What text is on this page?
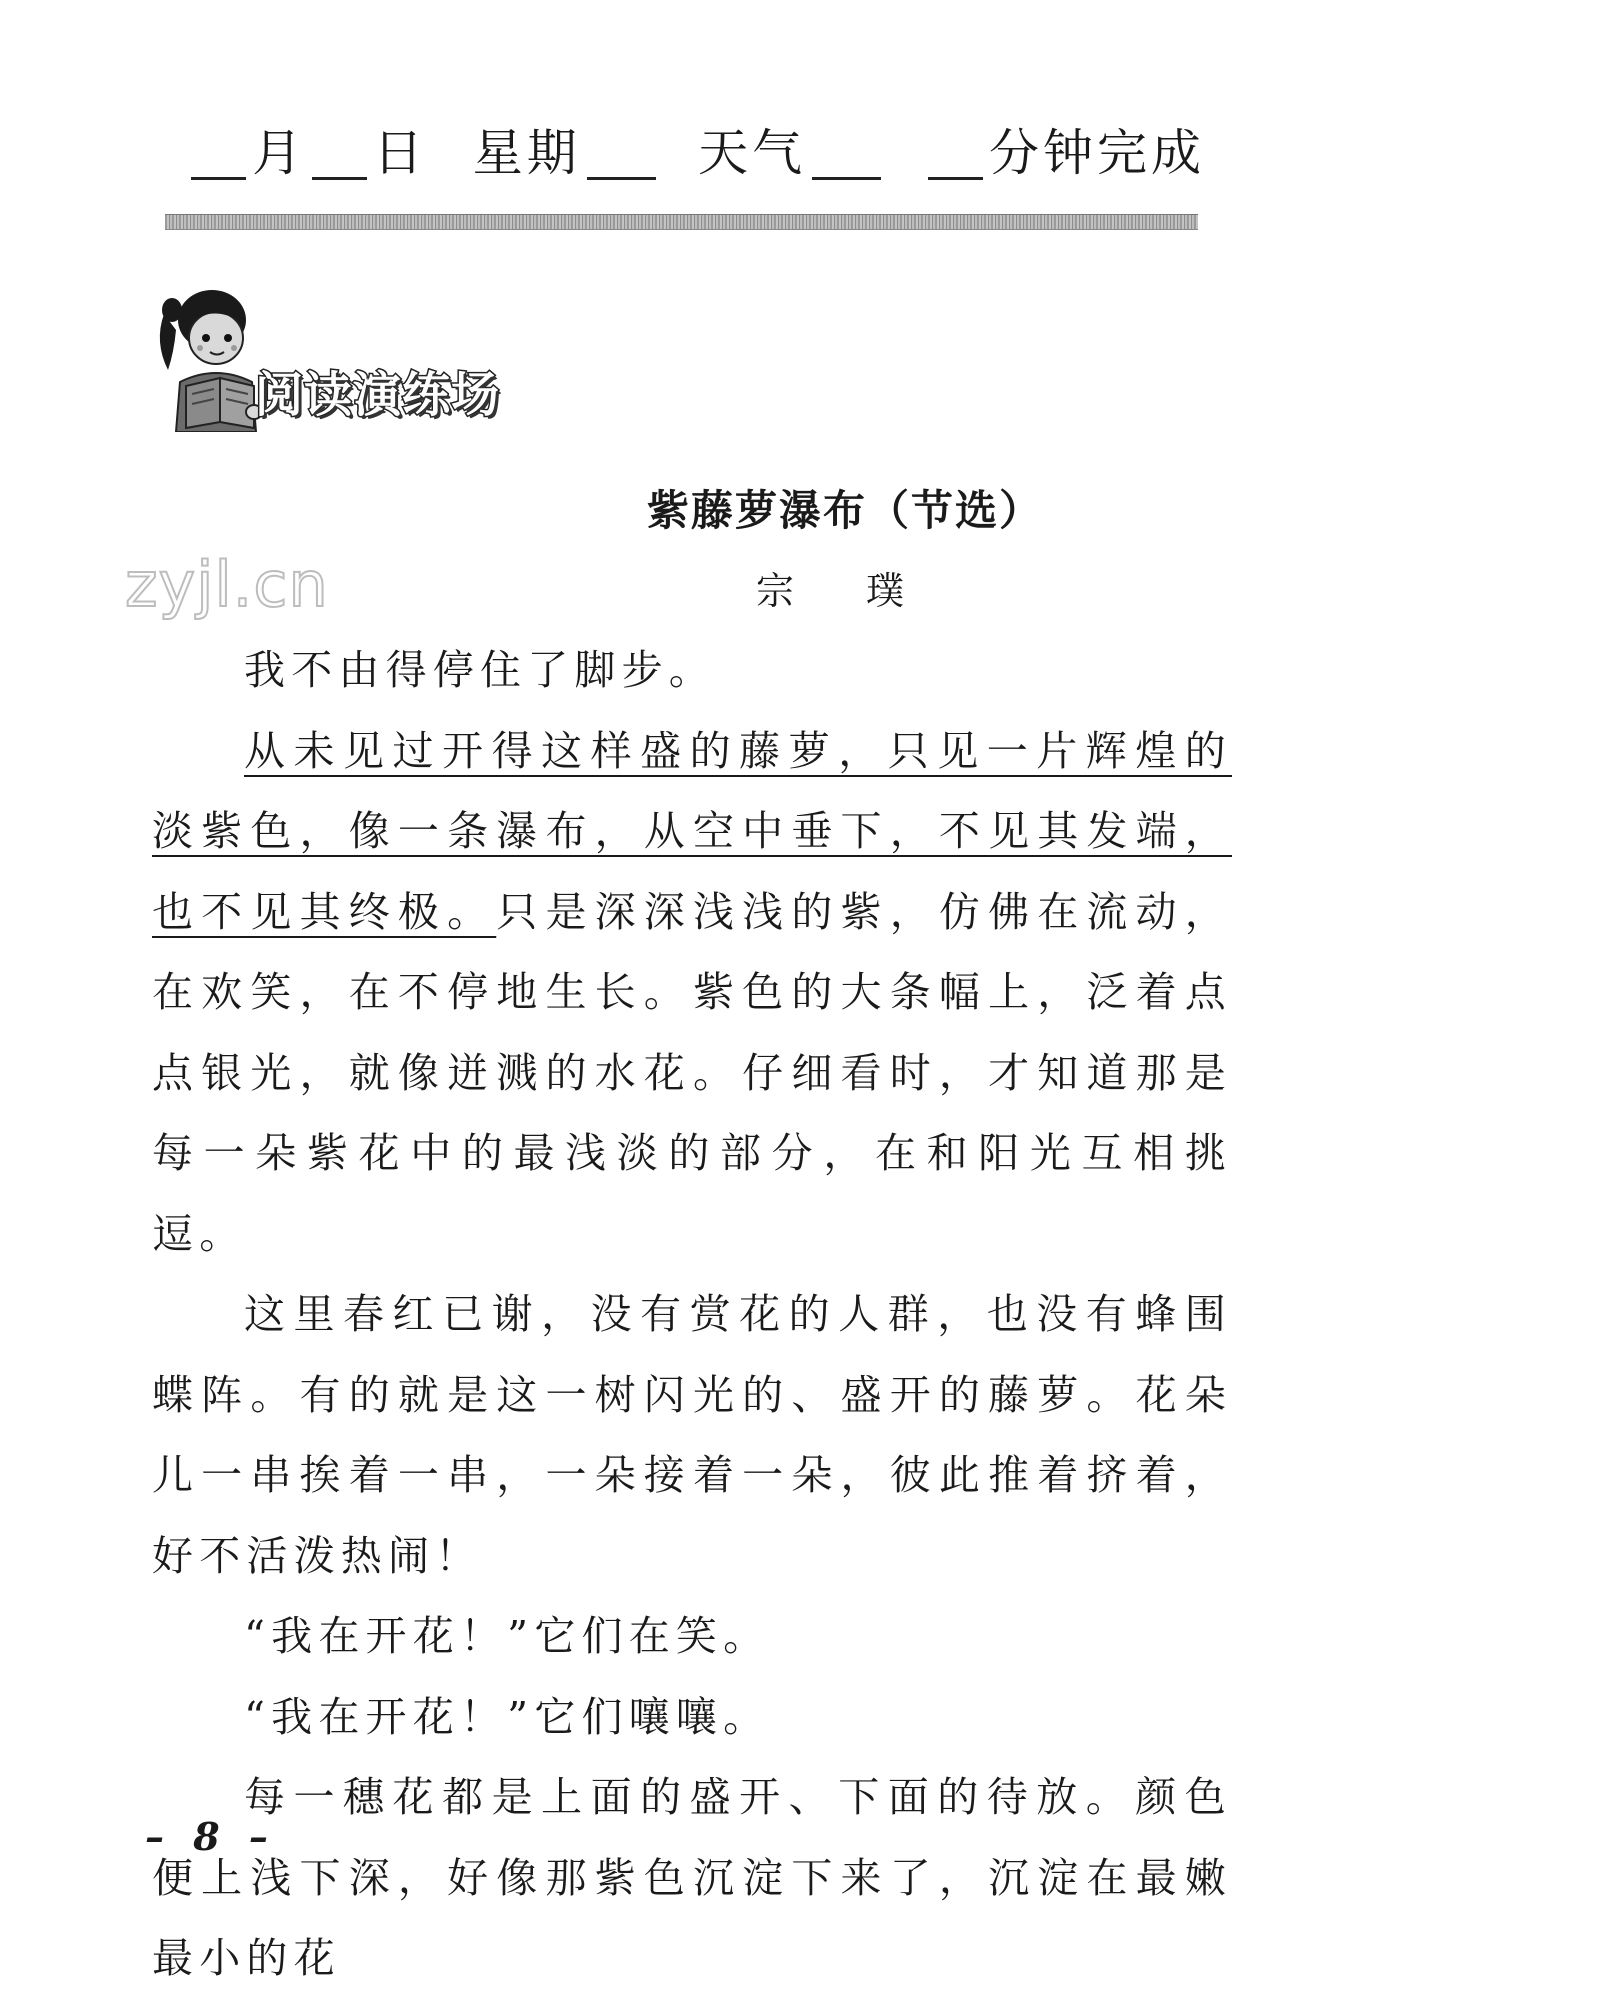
月 日 星期 天气	分钟完成
阅读演练场
zyjl.cn
紫藤萝瀑布（节选）
宗 璞

我不由得停住了脚步。

从未见过开得这样盛的藤萝，只见一片辉煌的淡紫色，像一条瀑布，从空中垂下，不见其发端，也不见其终极。只是深深浅浅的紫，仿佛在流动，在欢笑，在不停地生长。紫色的大条幅上，泛着点点银光，就像迸溅的水花。仔细看时，才知道那是每一朵紫花中的最浅淡的部分，在和阳光互相挑逗。

这里春红已谢，没有赏花的人群，也没有蜂围蝶阵。有的就是这一树闪光的、盛开的藤萝。花朵儿一串挨着一串，一朵接着一朵，彼此推着挤着，好不活泼热闹！

“我在开花！”它们在笑。

“我在开花！”它们嚷嚷。

每一穗花都是上面的盛开、下面的待放。颜色便上浅下深，好像那紫色沉淀下来了，沉淀在最嫩最小的花

– 8 –
